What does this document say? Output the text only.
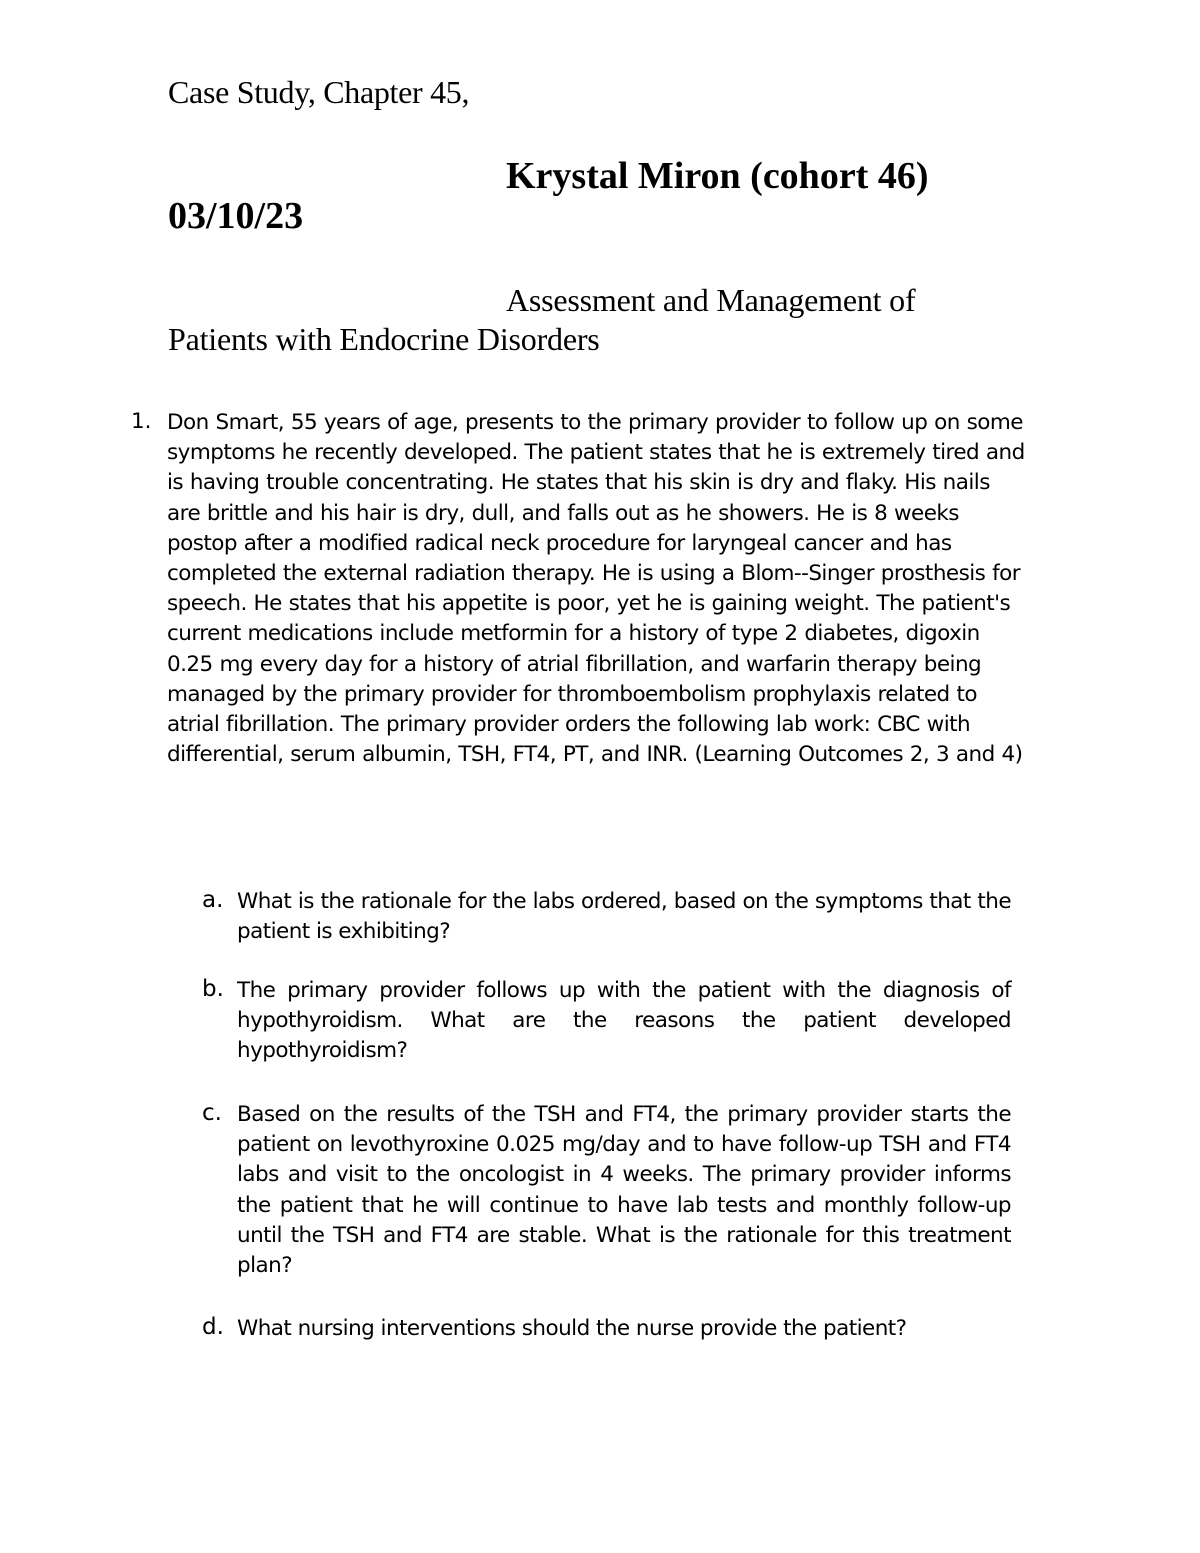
Case Study, Chapter 45,
Krystal Miron (cohort 46)
03/10/23
Assessment and Management of
Patients with Endocrine Disorders
1. Don Smart, 55 years of age, presents to the primary provider to follow up on some symptoms he recently developed. The patient states that he is extremely tired and is having trouble concentrating. He states that his skin is dry and flaky. His nails are brittle and his hair is dry, dull, and falls out as he showers. He is 8 weeks postop after a modified radical neck procedure for laryngeal cancer and has completed the external radiation therapy. He is using a Blom--Singer prosthesis for speech. He states that his appetite is poor, yet he is gaining weight. The patient's current medications include metformin for a history of type 2 diabetes, digoxin 0.25 mg every day for a history of atrial fibrillation, and warfarin therapy being managed by the primary provider for thromboembolism prophylaxis related to atrial fibrillation. The primary provider orders the following lab work: CBC with differential, serum albumin, TSH, FT4, PT, and INR. (Learning Outcomes 2, 3 and 4)
a. What is the rationale for the labs ordered, based on the symptoms that the patient is exhibiting?
b. The primary provider follows up with the patient with the diagnosis of hypothyroidism. What are the reasons the patient developed hypothyroidism?
c. Based on the results of the TSH and FT4, the primary provider starts the patient on levothyroxine 0.025 mg/day and to have follow-up TSH and FT4 labs and visit to the oncologist in 4 weeks. The primary provider informs the patient that he will continue to have lab tests and monthly follow-up until the TSH and FT4 are stable. What is the rationale for this treatment plan?
d. What nursing interventions should the nurse provide the patient?
